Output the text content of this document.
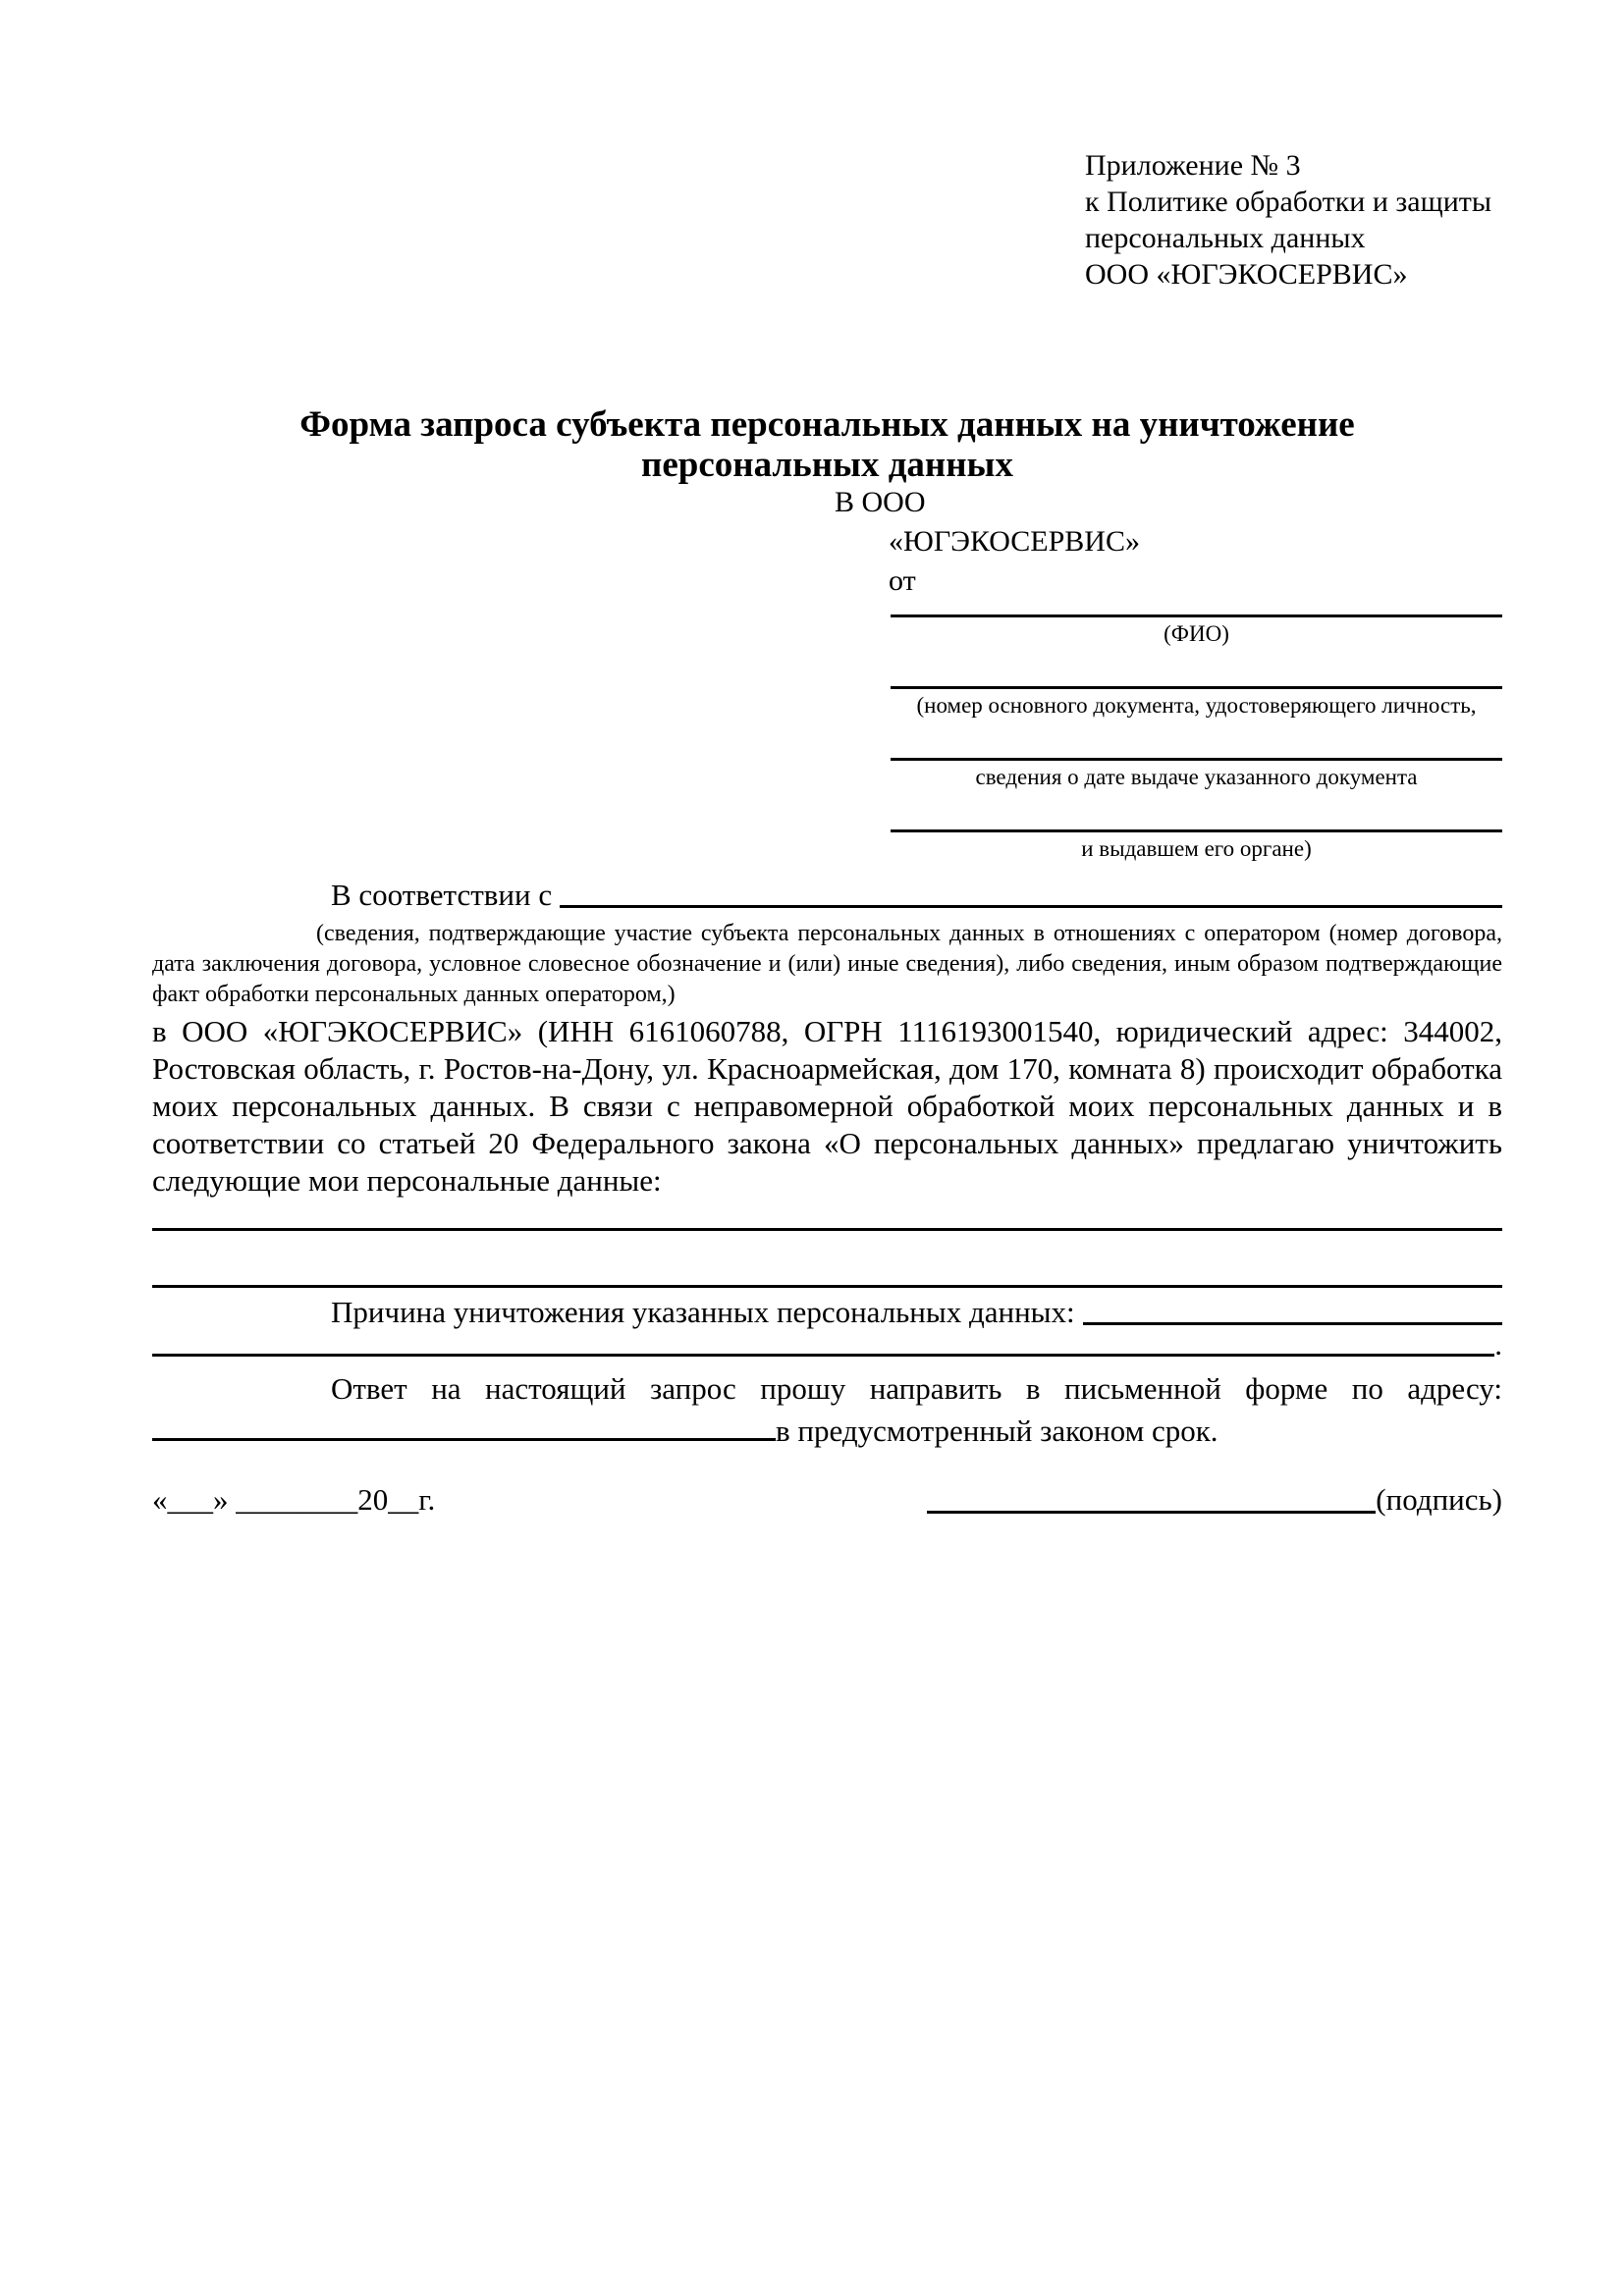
Приложение № 3
к Политике обработки и защиты
персональных данных
ООО «ЮГЭКОСЕРВИС»
Форма запроса субъекта персональных данных на уничтожение
персональных данных
В ООО
«ЮГЭКОСЕРВИС»
от
(ФИО)
(номер основного документа, удостоверяющего личность,
сведения о дате выдаче указанного документа
и выдавшем его органе)
В соответствии с

(сведения, подтверждающие участие субъекта персональных данных в отношениях с оператором (номер договора, дата заключения договора, условное словесное обозначение и (или) иные сведения), либо сведения, иным образом подтверждающие факт обработки персональных данных оператором,)

в ООО «ЮГЭКОСЕРВИС» (ИНН 6161060788, ОГРН 1116193001540, юридический адрес: 344002, Ростовская область, г. Ростов-на-Дону, ул. Красноармейская, дом 170, комната 8) происходит обработка моих персональных данных. В связи с неправомерной обработкой моих персональных данных и в соответствии со статьей 20 Федерального закона «О персональных данных» предлагаю уничтожить следующие мои персональные данные:

Причина уничтожения указанных персональных данных:
.

Ответ на настоящий запрос прошу направить в письменной форме по адресу:в предусмотренный законом срок.

«___» ________20__г.	(подпись)
